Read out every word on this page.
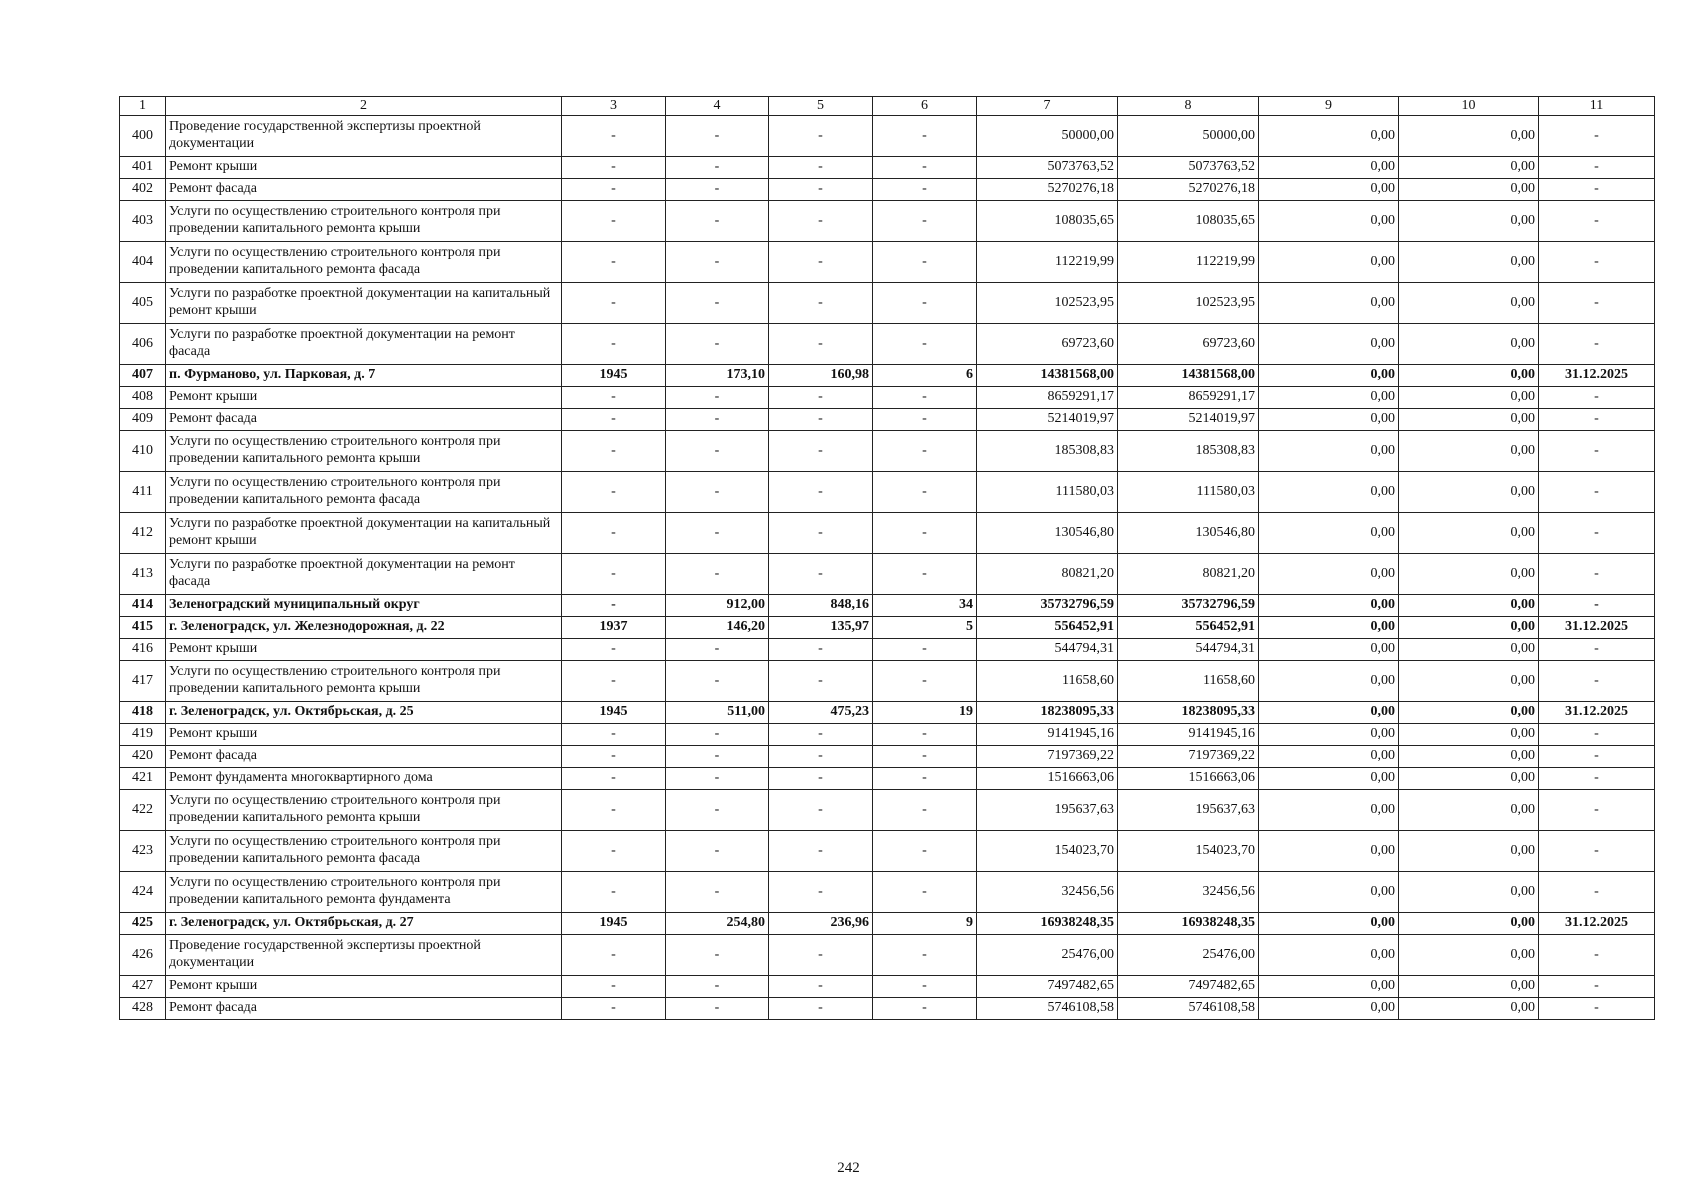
1	2	3	4	5	6	7	8	9	10	11
400	Проведение государственной экспертизы проектной документации	-	-	-	-	50000,00	50000,00	0,00	0,00	-
401	Ремонт крыши	-	-	-	-	5073763,52	5073763,52	0,00	0,00	-
402	Ремонт фасада	-	-	-	-	5270276,18	5270276,18	0,00	0,00	-
403	Услуги по осуществлению строительного контроля при проведении капитального ремонта крыши	-	-	-	-	108035,65	108035,65	0,00	0,00	-
404	Услуги по осуществлению строительного контроля при проведении капитального ремонта фасада	-	-	-	-	112219,99	112219,99	0,00	0,00	-
405	Услуги по разработке проектной документации на капитальный ремонт крыши	-	-	-	-	102523,95	102523,95	0,00	0,00	-
406	Услуги по разработке проектной документации на ремонт фасада	-	-	-	-	69723,60	69723,60	0,00	0,00	-
407	п. Фурманово, ул. Парковая, д. 7	1945	173,10	160,98	6	14381568,00	14381568,00	0,00	0,00	31.12.2025
408	Ремонт крыши	-	-	-	-	8659291,17	8659291,17	0,00	0,00	-
409	Ремонт фасада	-	-	-	-	5214019,97	5214019,97	0,00	0,00	-
410	Услуги по осуществлению строительного контроля при проведении капитального ремонта крыши	-	-	-	-	185308,83	185308,83	0,00	0,00	-
411	Услуги по осуществлению строительного контроля при проведении капитального ремонта фасада	-	-	-	-	111580,03	111580,03	0,00	0,00	-
412	Услуги по разработке проектной документации на капитальный ремонт крыши	-	-	-	-	130546,80	130546,80	0,00	0,00	-
413	Услуги по разработке проектной документации на ремонт фасада	-	-	-	-	80821,20	80821,20	0,00	0,00	-
414	Зеленоградский муниципальный округ	-	912,00	848,16	34	35732796,59	35732796,59	0,00	0,00	-
415	г. Зеленоградск, ул. Железнодорожная, д. 22	1937	146,20	135,97	5	556452,91	556452,91	0,00	0,00	31.12.2025
416	Ремонт крыши	-	-	-	-	544794,31	544794,31	0,00	0,00	-
417	Услуги по осуществлению строительного контроля при проведении капитального ремонта крыши	-	-	-	-	11658,60	11658,60	0,00	0,00	-
418	г. Зеленоградск, ул. Октябрьская, д. 25	1945	511,00	475,23	19	18238095,33	18238095,33	0,00	0,00	31.12.2025
419	Ремонт крыши	-	-	-	-	9141945,16	9141945,16	0,00	0,00	-
420	Ремонт фасада	-	-	-	-	7197369,22	7197369,22	0,00	0,00	-
421	Ремонт фундамента многоквартирного дома	-	-	-	-	1516663,06	1516663,06	0,00	0,00	-
422	Услуги по осуществлению строительного контроля при проведении капитального ремонта крыши	-	-	-	-	195637,63	195637,63	0,00	0,00	-
423	Услуги по осуществлению строительного контроля при проведении капитального ремонта фасада	-	-	-	-	154023,70	154023,70	0,00	0,00	-
424	Услуги по осуществлению строительного контроля при проведении капитального ремонта фундамента	-	-	-	-	32456,56	32456,56	0,00	0,00	-
425	г. Зеленоградск, ул. Октябрьская, д. 27	1945	254,80	236,96	9	16938248,35	16938248,35	0,00	0,00	31.12.2025
426	Проведение государственной экспертизы проектной документации	-	-	-	-	25476,00	25476,00	0,00	0,00	-
427	Ремонт крыши	-	-	-	-	7497482,65	7497482,65	0,00	0,00	-
428	Ремонт фасада	-	-	-	-	5746108,58	5746108,58	0,00	0,00	-
242
